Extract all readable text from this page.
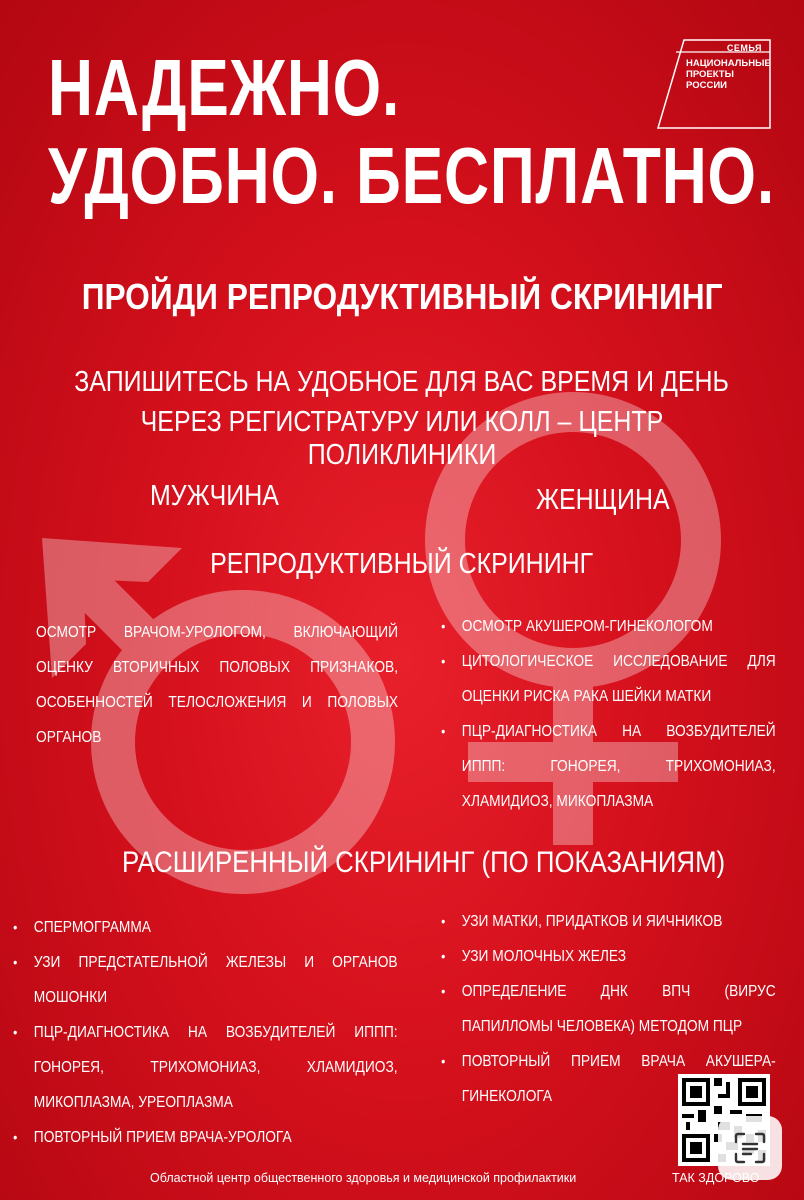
НАДЕЖНО.
УДОБНО. БЕСПЛАТНО.
СЕМЬЯ
НАЦИОНАЛЬНЫЕ
ПРОЕКТЫ
РОССИИ
ПРОЙДИ РЕПРОДУКТИВНЫЙ СКРИНИНГ
ЗАПИШИТЕСЬ НА УДОБНОЕ ДЛЯ ВАС ВРЕМЯ И ДЕНЬ
ЧЕРЕЗ РЕГИСТРАТУРУ ИЛИ КОЛЛ – ЦЕНТР ПОЛИКЛИНИКИ
МУЖЧИНА	ЖЕНЩИНА
РЕПРОДУКТИВНЫЙ СКРИНИНГ

ОСМОТР ВРАЧОМ-УРОЛОГОМ, ВКЛЮЧАЮЩИЙ ОЦЕНКУ ВТОРИЧНЫХ ПОЛОВЫХ ПРИЗНАКОВ, ОСОБЕННОСТЕЙ ТЕЛОСЛОЖЕНИЯ И ПОЛОВЫХ ОРГАНОВ

• ОСМОТР АКУШЕРОМ-ГИНЕКОЛОГОМ
• ЦИТОЛОГИЧЕСКОЕ ИССЛЕДОВАНИЕ ДЛЯ ОЦЕНКИ РИСКА РАКА ШЕЙКИ МАТКИ
• ПЦР-ДИАГНОСТИКА НА ВОЗБУДИТЕЛЕЙ ИППП: ГОНОРЕЯ, ТРИХОМОНИАЗ, ХЛАМИДИОЗ, МИКОПЛАЗМА
РАСШИРЕННЫЙ СКРИНИНГ (ПО ПОКАЗАНИЯМ)
• СПЕРМОГРАММА
• УЗИ ПРЕДСТАТЕЛЬНОЙ ЖЕЛЕЗЫ И ОРГАНОВ МОШОНКИ
• ПЦР-ДИАГНОСТИКА НА ВОЗБУДИТЕЛЕЙ ИППП: ГОНОРЕЯ, ТРИХОМОНИАЗ, ХЛАМИДИОЗ, МИКОПЛАЗМА, УРЕОПЛАЗМА
• ПОВТОРНЫЙ ПРИЕМ ВРАЧА-УРОЛОГА
• УЗИ МАТКИ, ПРИДАТКОВ И ЯИЧНИКОВ
• УЗИ МОЛОЧНЫХ ЖЕЛЕЗ
• ОПРЕДЕЛЕНИЕ ДНК ВПЧ (ВИРУС ПАПИЛЛОМЫ ЧЕЛОВЕКА) МЕТОДОМ ПЦР
• ПОВТОРНЫЙ ПРИЕМ ВРАЧА АКУШЕРА-ГИНЕКОЛОГА
Областной центр общественного здоровья и медицинской профилактики	ТАК ЗДОРОВО
